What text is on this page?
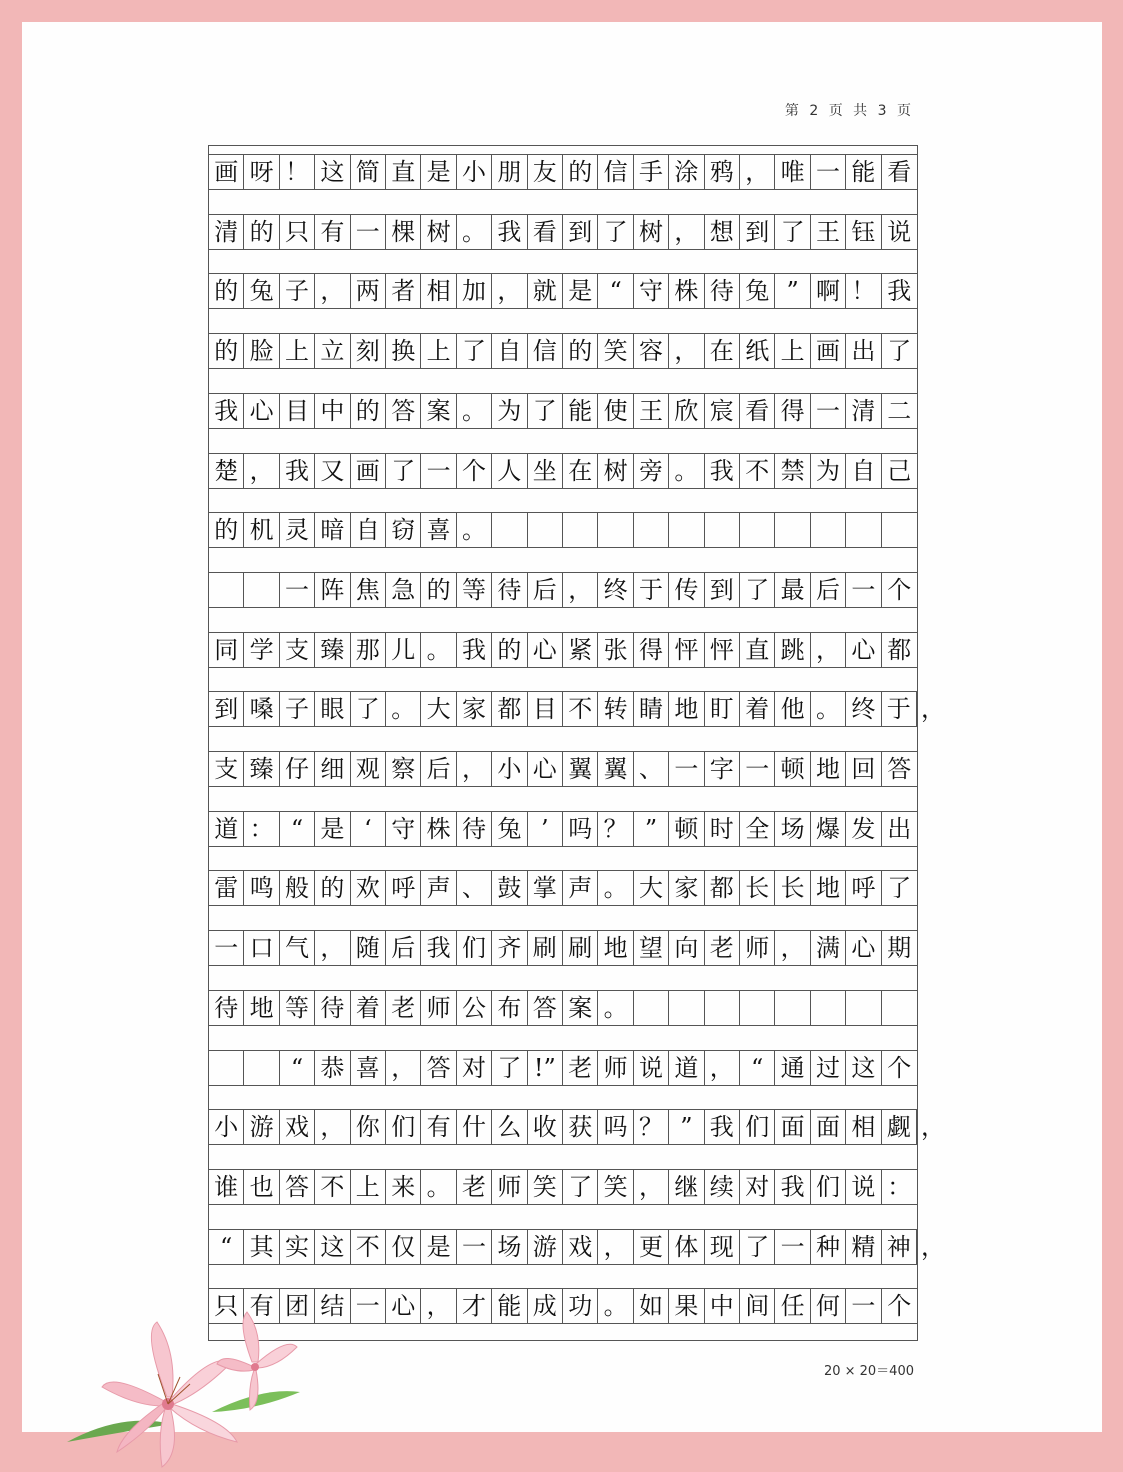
第 2 页 共 3 页
画 呀 ！ 这 简 直 是 小 朋 友 的 信 手 涂 鸦 ， 唯 一 能 看
清 的 只 有 一 棵 树 。 我 看 到 了 树 ， 想 到 了 王 钰 说
的 兔 子 ， 两 者 相 加 ， 就 是 “ 守 株 待 兔 ” 啊 ！ 我
的 脸 上 立 刻 换 上 了 自 信 的 笑 容 ， 在 纸 上 画 出 了
我 心 目 中 的 答 案 。 为 了 能 使 王 欣 宸 看 得 一 清 二
楚 ， 我 又 画 了 一 个 人 坐 在 树 旁 。 我 不 禁 为 自 己
的 机 灵 暗 自 窃 喜 。
一 阵 焦 急 的 等 待 后 ， 终 于 传 到 了 最 后 一 个
同 学 支 臻 那 儿 。 我 的 心 紧 张 得 怦 怦 直 跳 ， 心 都
到 嗓 子 眼 了 。 大 家 都 目 不 转 睛 地 盯 着 他 。 终 于 ，
支 臻 仔 细 观 察 后 ， 小 心 翼 翼 、 一 字 一 顿 地 回 答
道 ： “ 是 ‘ 守 株 待 兔 ’ 吗 ？ ” 顿 时 全 场 爆 发 出
雷 鸣 般 的 欢 呼 声 、 鼓 掌 声 。 大 家 都 长 长 地 呼 了
一 口 气 ， 随 后 我 们 齐 刷 刷 地 望 向 老 师 ， 满 心 期
待 地 等 待 着 老 师 公 布 答 案 。
“ 恭 喜 ， 答 对 了 !” 老 师 说 道 ， “ 通 过 这 个
小 游 戏 ， 你 们 有 什 么 收 获 吗 ？ ” 我 们 面 面 相 觑 ，
谁 也 答 不 上 来 。 老 师 笑 了 笑 ， 继 续 对 我 们 说 ：
“ 其 实 这 不 仅 是 一 场 游 戏 ， 更 体 现 了 一 种 精 神 ，
只 有 团 结 一 心 ， 才 能 成 功 。 如 果 中 间 任 何 一 个
20 × 20＝400
